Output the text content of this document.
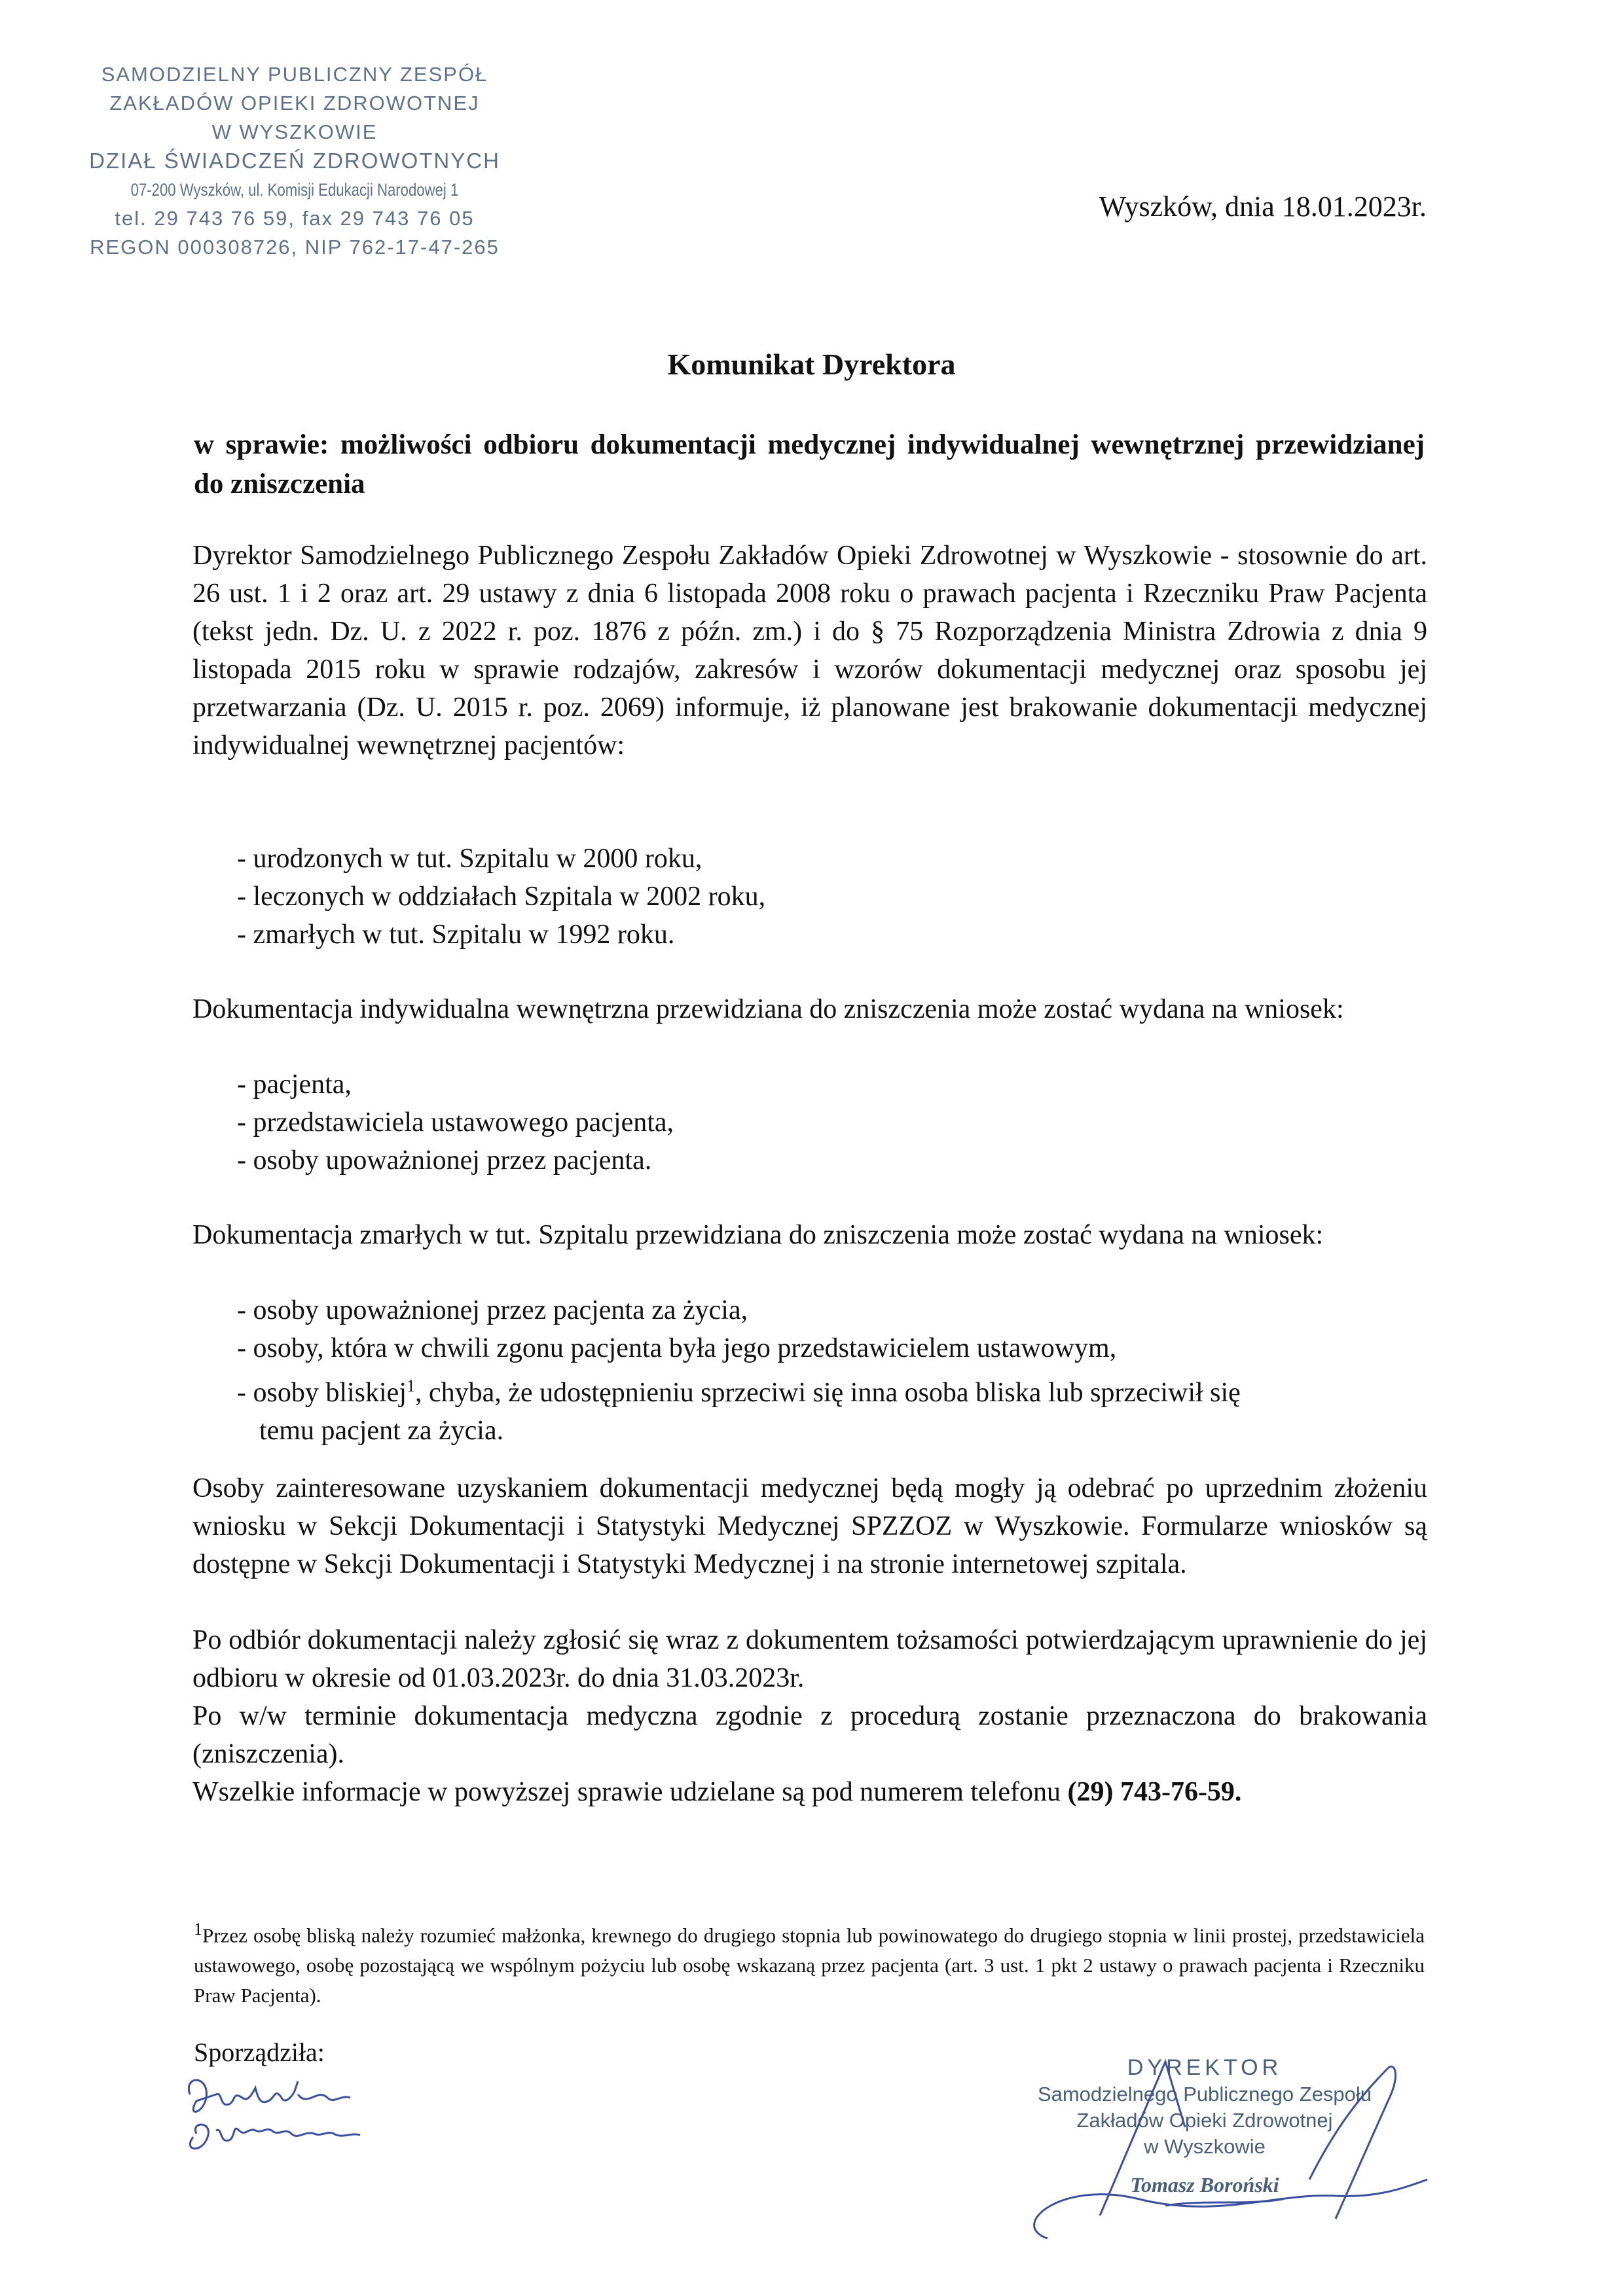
SAMODZIELNY PUBLICZNY ZESPÓŁ
ZAKŁADÓW OPIEKI ZDROWOTNEJ
W WYSZKOWIE
DZIAŁ ŚWIADCZEŃ ZDROWOTNYCH
07-200 Wyszków, ul. Komisji Edukacji Narodowej 1
tel. 29 743 76 59, fax 29 743 76 05
REGON 000308726, NIP 762-17-47-265
Wyszków, dnia 18.01.2023r.
Komunikat Dyrektora
w sprawie: możliwości odbioru dokumentacji medycznej indywidualnej wewnętrznej przewidzianej do zniszczenia
Dyrektor Samodzielnego Publicznego Zespołu Zakładów Opieki Zdrowotnej w Wyszkowie - stosownie do art. 26 ust. 1 i 2 oraz art. 29 ustawy z dnia 6 listopada 2008 roku o prawach pacjenta i Rzeczniku Praw Pacjenta (tekst jedn. Dz. U. z 2022 r. poz. 1876 z późn. zm.) i do § 75 Rozporządzenia Ministra Zdrowia z dnia 9 listopada 2015 roku w sprawie rodzajów, zakresów i wzorów dokumentacji medycznej oraz sposobu jej przetwarzania (Dz. U. 2015 r. poz. 2069) informuje, iż planowane jest brakowanie dokumentacji medycznej indywidualnej wewnętrznej pacjentów:
- urodzonych w tut. Szpitalu w 2000 roku,
- leczonych w oddziałach Szpitala w 2002 roku,
- zmarłych w tut. Szpitalu w 1992 roku.
Dokumentacja indywidualna wewnętrzna przewidziana do zniszczenia może zostać wydana na wniosek:
- pacjenta,
- przedstawiciela ustawowego pacjenta,
- osoby upoważnionej przez pacjenta.
Dokumentacja zmarłych w tut. Szpitalu przewidziana do zniszczenia może zostać wydana na wniosek:
- osoby upoważnionej przez pacjenta za życia,
- osoby, która w chwili zgonu pacjenta była jego przedstawicielem ustawowym,
- osoby bliskiej$^1$, chyba, że udostępnieniu sprzeciwi się inna osoba bliska lub sprzeciwił się
temu pacjent za życia.
Osoby zainteresowane uzyskaniem dokumentacji medycznej będą mogły ją odebrać po uprzednim złożeniu wniosku w Sekcji Dokumentacji i Statystyki Medycznej SPZZOZ w Wyszkowie. Formularze wniosków są dostępne w Sekcji Dokumentacji i Statystyki Medycznej i na stronie internetowej szpitala.
Po odbiór dokumentacji należy zgłosić się wraz z dokumentem tożsamości potwierdzającym uprawnienie do jej odbioru w okresie od 01.03.2023r. do dnia 31.03.2023r.
Po w/w terminie dokumentacja medyczna zgodnie z procedurą zostanie przeznaczona do brakowania (zniszczenia).
Wszelkie informacje w powyższej sprawie udzielane są pod numerem telefonu (29) 743-76-59.
$^1$Przez osobę bliską należy rozumieć małżonka, krewnego do drugiego stopnia lub powinowatego do drugiego stopnia w linii prostej, przedstawiciela ustawowego, osobę pozostającą we wspólnym pożyciu lub osobę wskazaną przez pacjenta (art. 3 ust. 1 pkt 2 ustawy o prawach pacjenta i Rzeczniku Praw Pacjenta).
Sporządziła:
DYREKTOR
Samodzielnego Publicznego Zespołu
Zakładów Opieki Zdrowotnej
w Wyszkowie
Tomasz Boroński
